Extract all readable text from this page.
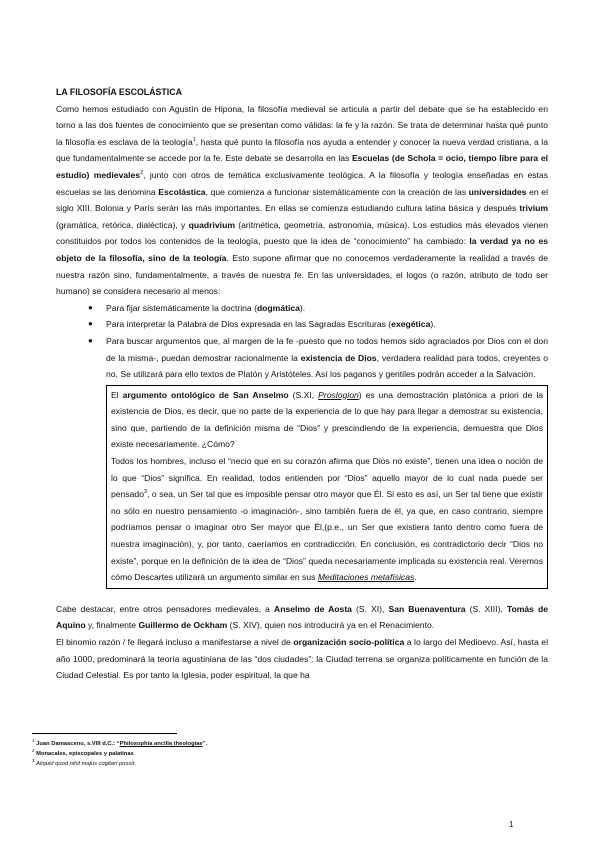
LA FILOSOFÍA ESCOLÁSTICA

Como hemos estudiado con Agustín de Hipona, la filosofía medieval se articula a partir del debate que se ha establecido en torno a las dos fuentes de conocimiento que se presentan como válidas: la fe y la razón. Se trata de determinar hasta qué punto la filosofía es esclava de la teología$^1$, hasta qué punto la filosofía nos ayuda a entender y conocer la nueva verdad cristiana, a la que fundamentalmente se accede por la fe. Este debate se desarrolla en las Escuelas (de Schola = ocio, tiempo libre para el estudio) medievales$^2$, junto con otros de temática exclusivamente teológica. A la filosofía y teología enseñadas en estas escuelas se las denomina Escolástica, que comienza a funcionar sistemáticamente con la creación de las universidades en el siglo XIII. Bolonia y París serán las más importantes. En ellas se comienza estudiando cultura latina básica y después trivium (gramática, retórica, dialéctica), y quadrivium (aritmética, geometría, astronomía, música). Los estudios más elevados vienen constituidos por todos los contenidos de la teología, puesto que la idea de “conocimiento” ha cambiado: la verdad ya no es objeto de la filosofía, sino de la teología. Esto supone afirmar que no conocemos verdaderamente la realidad a través de nuestra razón sino, fundamentalmente, a través de nuestra fe. En las universidades, el logos (o razón, atributo de todo ser humano) se considera necesario al menos:

● Para fijar sistemáticamente la doctrina (dogmática).
● Para interpretar la Palabra de Dios expresada en las Sagradas Escrituras (exegética).
● Para buscar argumentos que, al margen de la fe -puesto que no todos hemos sido agraciados por Dios con el don de la misma-, puedan demostrar racionalmente la existencia de Dios, verdadera realidad para todos, creyentes o no. Se utilizará para ello textos de Platón y Aristóteles. Así los paganos y gentiles podrán acceder a la Salvación.

El argumento ontológico de San Anselmo (S.XI, Proslogion) es una demostración platónica a priori de la existencia de Dios, es decir, que no parte de la experiencia de lo que hay para llegar a demostrar su existencia, sino que, partiendo de la definición misma de “Dios” y prescindiendo de la experiencia, demuestra que Dios existe necesariamente. ¿Cómo?

Todos los hombres, incluso el “necio que en su corazón afirma que Dios no existe”, tienen una idea o noción de lo que “Dios” significa. En realidad, todos entienden por “Dios” aquello mayor de lo cual nada puede ser pensado$^3$, o sea, un Ser tal que es imposible pensar otro mayor que Él. Si esto es así, un Ser tal tiene que existir no sólo en nuestro pensamiento -o imaginación-, sino también fuera de él, ya que, en caso contrario, siempre podríamos pensar o imaginar otro Ser mayor que Él,(p.e., un Ser que existiera tanto dentro como fuera de nuestra imaginación), y, por tanto, caeríamos en contradicción. En conclusión, es contradictorio decir “Dios no existe”, porque en la definición de la idea de “Dios” queda necesariamente implicada su existencia real. Veremos cómo Descartes utilizará un argumento similar en sus Meditaciones metafísicas.

Cabe destacar, entre otros pensadores medievales, a Anselmo de Aosta (S. XI), San Buenaventura (S. XIII), Tomás de Aquino y, finalmente Guillermo de Ockham (S. XIV), quien nos introducirá ya en el Renacimiento.

El binomio razón / fe llegará incluso a manifestarse a nivel de organización socio-política a lo largo del Medioevo. Así, hasta el año 1000, predominará la teoría agustiniana de las “dos ciudades”: la Ciudad terrena se organiza políticamente en función de la Ciudad Celestial. Es por tanto la Iglesia, poder espiritual, la que ha

$^1$ Juan Damasceno, s.VIII d.C.: “Philosophia ancilla theologiae”.
$^2$ Monacales, episcopales y palatinas
$^3$ Aliquid quod nihil majus cogitari possit.
1
